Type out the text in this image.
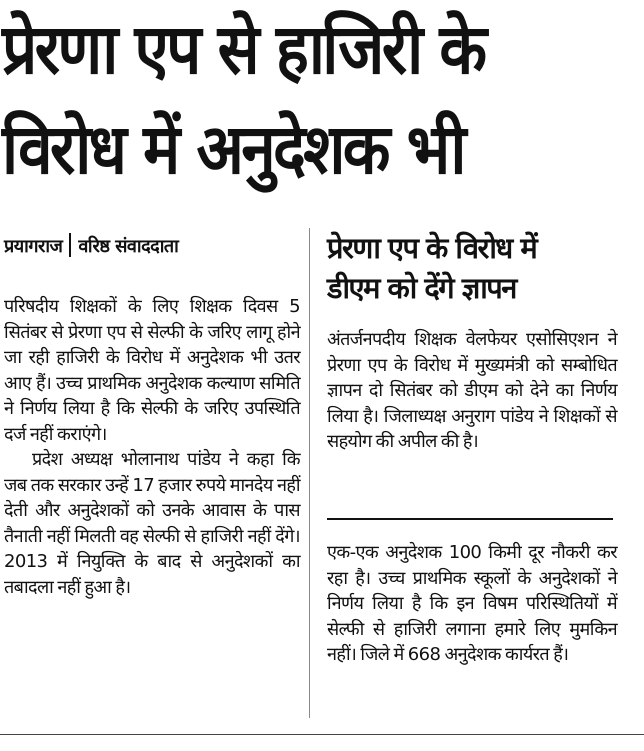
प्रेरणा एप से हाजिरी के
विरोध में अनुदेशक भी
प्रयागराज वरिष्ठ संवाददाता

परिषदीय शिक्षकों के लिए शिक्षक दिवस 5 सितंबर से प्रेरणा एप से सेल्फी के जरिए लागू होने जा रही हाजिरी के विरोध में अनुदेशक भी उतर आए हैं। उच्च प्राथमिक अनुदेशक कल्याण समिति ने निर्णय लिया है कि सेल्फी के जरिए उपस्थिति दर्ज नहीं कराएंगे।

प्रदेश अध्यक्ष भोलानाथ पांडेय ने कहा कि जब तक सरकार उन्हें 17 हजार रुपये मानदेय नहीं देती और अनुदेशकों को उनके आवास के पास तैनाती नहीं मिलती वह सेल्फी से हाजिरी नहीं देंगे। 2013 में नियुक्ति के बाद से अनुदेशकों का तबादला नहीं हुआ है।

प्रेरणा एप के विरोध में
डीएम को देंगे ज्ञापन

अंतर्जनपदीय शिक्षक वेलफेयर एसोसिएशन ने प्रेरणा एप के विरोध में मुख्यमंत्री को सम्बोधित ज्ञापन दो सितंबर को डीएम को देने का निर्णय लिया है। जिलाध्यक्ष अनुराग पांडेय ने शिक्षकों से सहयोग की अपील की है।

एक-एक अनुदेशक 100 किमी दूर नौकरी कर रहा है। उच्च प्राथमिक स्कूलों के अनुदेशकों ने निर्णय लिया है कि इन विषम परिस्थितियों में सेल्फी से हाजिरी लगाना हमारे लिए मुमकिन नहीं। जिले में 668 अनुदेशक कार्यरत हैं।
